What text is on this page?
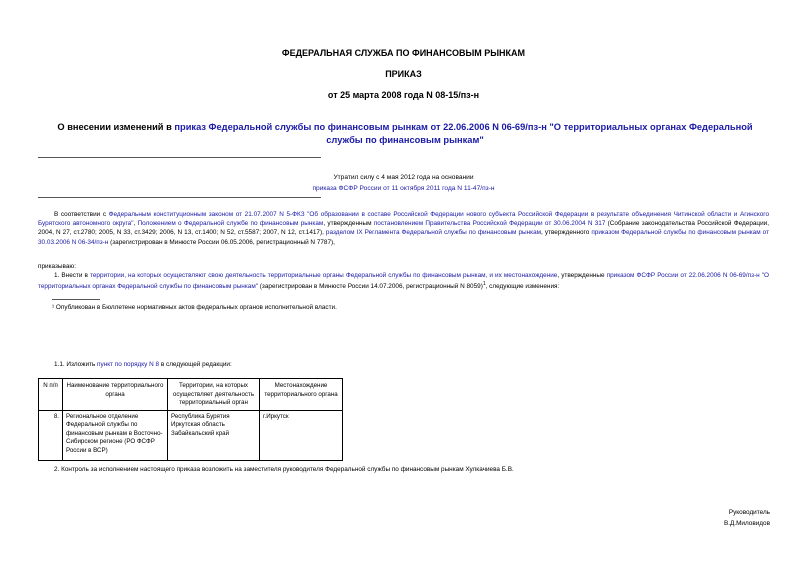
ФЕДЕРАЛЬНАЯ СЛУЖБА ПО ФИНАНСОВЫМ РЫНКАМ
ПРИКАЗ
от 25 марта 2008 года N 08-15/пз-н
О внесении изменений в приказ Федеральной службы по финансовым рынкам от 22.06.2006 N 06-69/пз-н "О территориальных органах Федеральной службы по финансовым рынкам"
Утратил силу с 4 мая 2012 года на основании
приказа ФСФР России от 11 октября 2011 года N 11-47/пз-н
В соответствии с Федеральным конституционным законом от 21.07.2007 N 5-ФКЗ "Об образовании в составе Российской Федерации нового субъекта Российской Федерации в результате объединения Читинской области и Агинского Бурятского автономного округа", Положением о Федеральной службе по финансовым рынкам, утвержденным постановлением Правительства Российской Федерации от 30.06.2004 N 317 (Собрание законодательства Российской Федерации, 2004, N 27, ст.2780; 2005, N 33, ст.3429; 2006, N 13, ст.1400; N 52, ст.5587; 2007, N 12, ст.1417), разделом IX Регламента Федеральной службы по финансовым рынкам, утвержденного приказом Федеральной службы по финансовым рынкам от 30.03.2006 N 06-34/пз-н (зарегистрирован в Минюсте России 06.05.2006, регистрационный N 7787),
приказываю:
1. Внести в территории, на которых осуществляют свою деятельность территориальные органы Федеральной службы по финансовым рынкам, и их местонахождение, утвержденные приказом ФСФР России от 22.06.2006 N 06-69/пз-н "О территориальных органах Федеральной службы по финансовым рынкам" (зарегистрирован в Минюсте России 14.07.2006, регистрационный N 8059)$^1$, следующие изменения:
¹ Опубликован в Бюллетене нормативных актов федеральных органов исполнительной власти.
1.1. Изложить пункт по порядку N 8 в следующей редакции:
N п/п	Наименование территориального органа	Территории, на которых осуществляет деятельность территориальный орган	Местонахождение территориального органа
8.	Региональное отделение Федеральной службы по финансовым рынкам в Восточно-Сибирском регионе (РО ФСФР России в ВСР)	Республика Бурятия
Иркутская область
Забайкальский край	г.Иркутск
2. Контроль за исполнением настоящего приказа возложить на заместителя руководителя Федеральной службы по финансовым рынкам Хулкачиева Б.В.
Руководитель
В.Д.Миловидов
